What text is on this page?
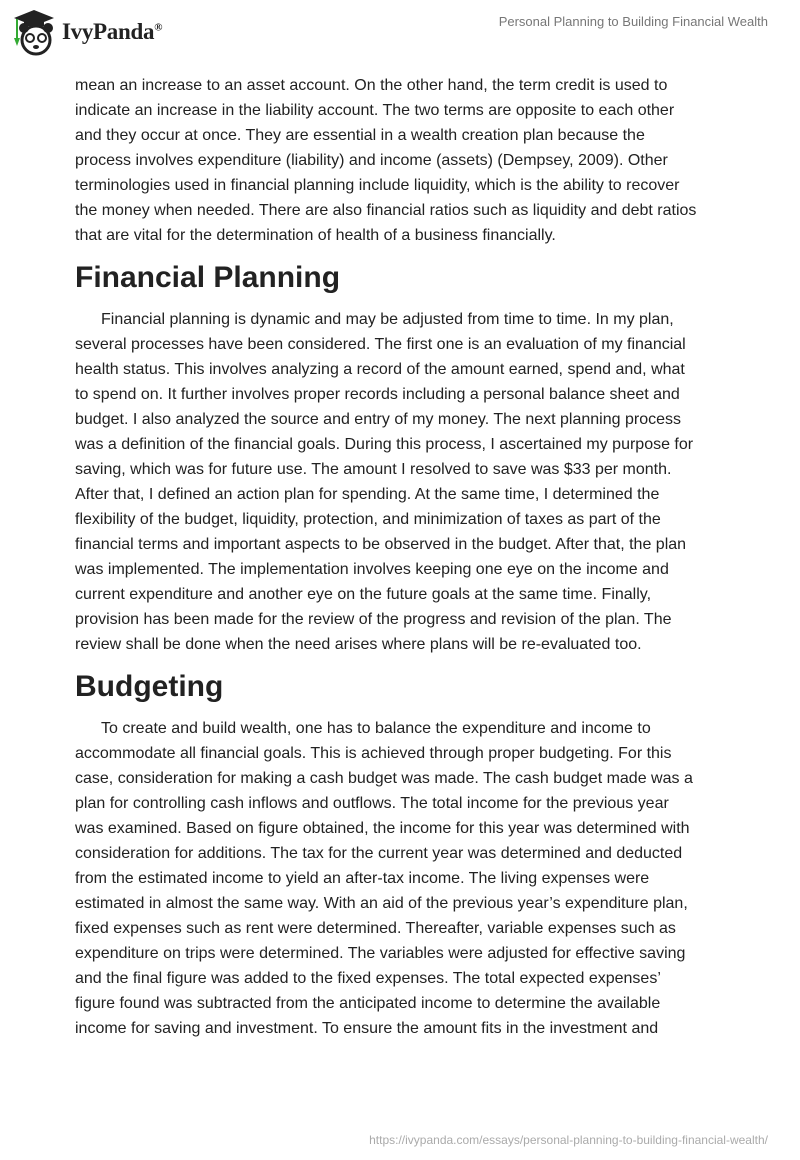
IvyPanda®	Personal Planning to Building Financial Wealth
mean an increase to an asset account. On the other hand, the term credit is used to
indicate an increase in the liability account. The two terms are opposite to each other
and they occur at once. They are essential in a wealth creation plan because the
process involves expenditure (liability) and income (assets) (Dempsey, 2009). Other
terminologies used in financial planning include liquidity, which is the ability to recover
the money when needed. There are also financial ratios such as liquidity and debt ratios
that are vital for the determination of health of a business financially.
Financial Planning
Financial planning is dynamic and may be adjusted from time to time. In my plan,
several processes have been considered. The first one is an evaluation of my financial
health status. This involves analyzing a record of the amount earned, spend and, what
to spend on. It further involves proper records including a personal balance sheet and
budget. I also analyzed the source and entry of my money. The next planning process
was a definition of the financial goals. During this process, I ascertained my purpose for
saving, which was for future use. The amount I resolved to save was $33 per month.
After that, I defined an action plan for spending. At the same time, I determined the
flexibility of the budget, liquidity, protection, and minimization of taxes as part of the
financial terms and important aspects to be observed in the budget. After that, the plan
was implemented. The implementation involves keeping one eye on the income and
current expenditure and another eye on the future goals at the same time. Finally,
provision has been made for the review of the progress and revision of the plan. The
review shall be done when the need arises where plans will be re-evaluated too.
Budgeting
To create and build wealth, one has to balance the expenditure and income to
accommodate all financial goals. This is achieved through proper budgeting. For this
case, consideration for making a cash budget was made. The cash budget made was a
plan for controlling cash inflows and outflows. The total income for the previous year
was examined. Based on figure obtained, the income for this year was determined with
consideration for additions. The tax for the current year was determined and deducted
from the estimated income to yield an after-tax income. The living expenses were
estimated in almost the same way. With an aid of the previous year’s expenditure plan,
fixed expenses such as rent were determined. Thereafter, variable expenses such as
expenditure on trips were determined. The variables were adjusted for effective saving
and the final figure was added to the fixed expenses. The total expected expenses’
figure found was subtracted from the anticipated income to determine the available
income for saving and investment. To ensure the amount fits in the investment and
https://ivypanda.com/essays/personal-planning-to-building-financial-wealth/
